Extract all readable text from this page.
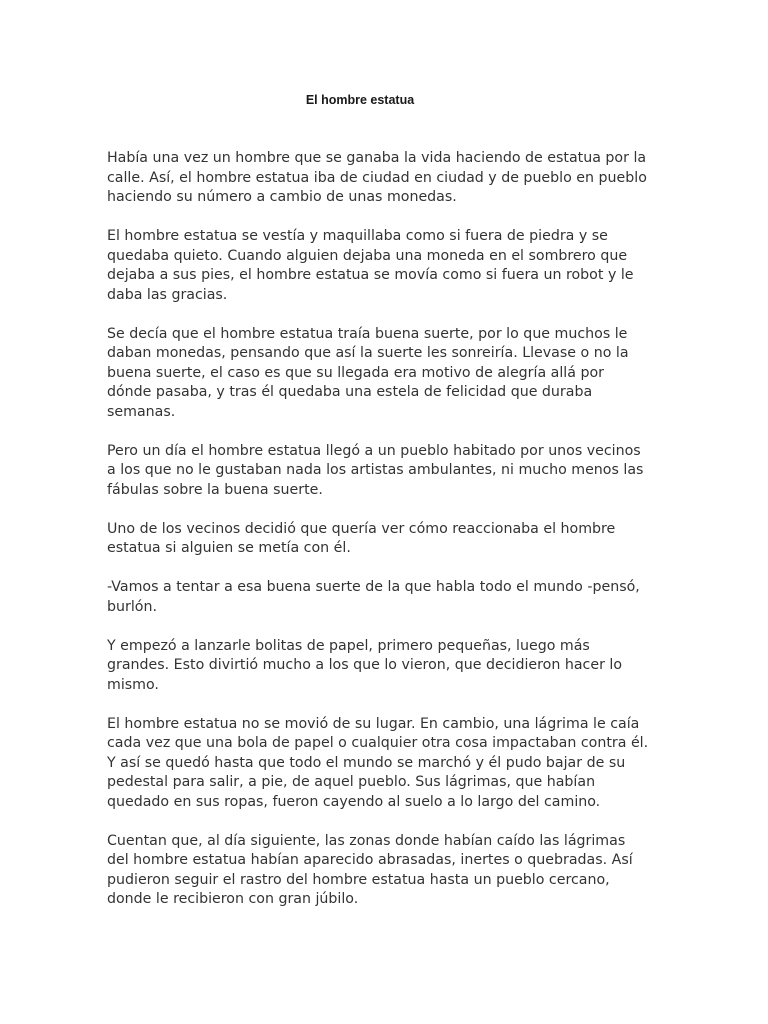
El hombre estatua

Había una vez un hombre que se ganaba la vida haciendo de estatua por la
calle. Así, el hombre estatua iba de ciudad en ciudad y de pueblo en pueblo
haciendo su número a cambio de unas monedas.

El hombre estatua se vestía y maquillaba como si fuera de piedra y se
quedaba quieto. Cuando alguien dejaba una moneda en el sombrero que
dejaba a sus pies, el hombre estatua se movía como si fuera un robot y le
daba las gracias.

Se decía que el hombre estatua traía buena suerte, por lo que muchos le
daban monedas, pensando que así la suerte les sonreiría. Llevase o no la
buena suerte, el caso es que su llegada era motivo de alegría allá por
dónde pasaba, y tras él quedaba una estela de felicidad que duraba
semanas.

Pero un día el hombre estatua llegó a un pueblo habitado por unos vecinos
a los que no le gustaban nada los artistas ambulantes, ni mucho menos las
fábulas sobre la buena suerte.

Uno de los vecinos decidió que quería ver cómo reaccionaba el hombre
estatua si alguien se metía con él.

-Vamos a tentar a esa buena suerte de la que habla todo el mundo -pensó,
burlón.

Y empezó a lanzarle bolitas de papel, primero pequeñas, luego más
grandes. Esto divirtió mucho a los que lo vieron, que decidieron hacer lo
mismo.

El hombre estatua no se movió de su lugar. En cambio, una lágrima le caía
cada vez que una bola de papel o cualquier otra cosa impactaban contra él.
Y así se quedó hasta que todo el mundo se marchó y él pudo bajar de su
pedestal para salir, a pie, de aquel pueblo. Sus lágrimas, que habían
quedado en sus ropas, fueron cayendo al suelo a lo largo del camino.

Cuentan que, al día siguiente, las zonas donde habían caído las lágrimas
del hombre estatua habían aparecido abrasadas, inertes o quebradas. Así
pudieron seguir el rastro del hombre estatua hasta un pueblo cercano,
donde le recibieron con gran júbilo.
